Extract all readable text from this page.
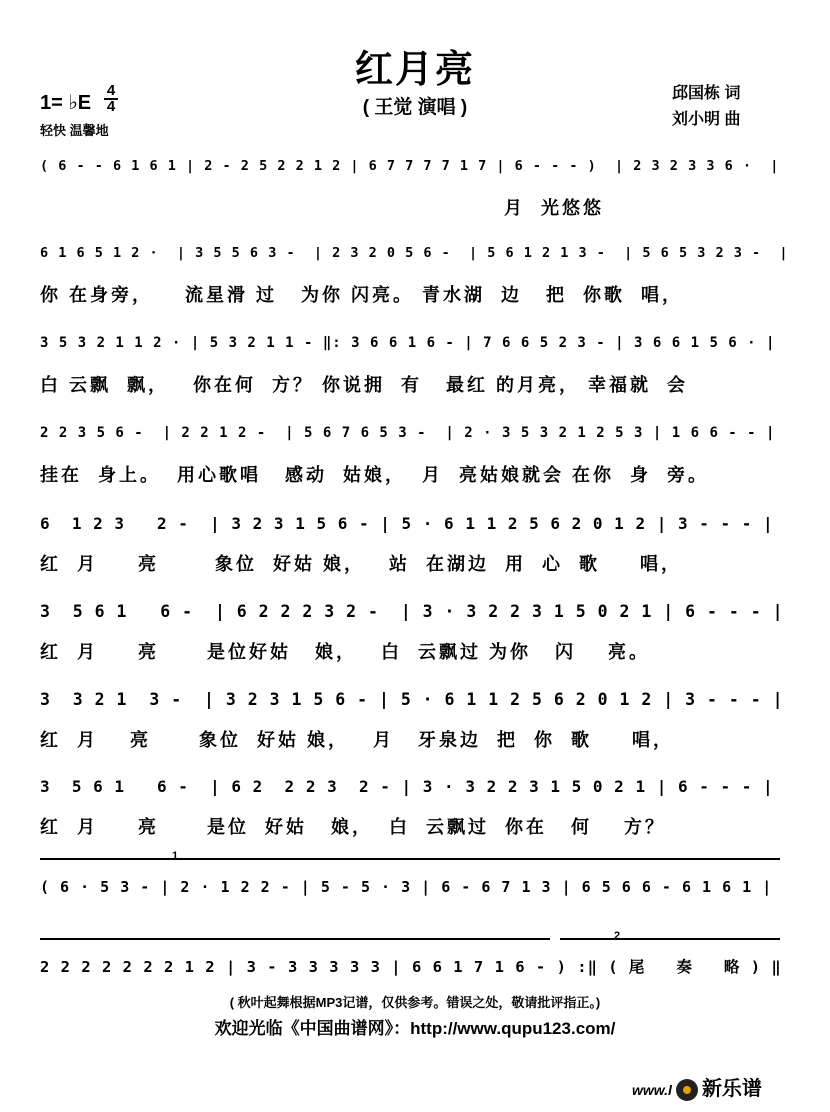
红月亮
( 王觉 演唱 )
邱国栋 词
刘小明 曲
1= ♭E
4
4
轻快 温馨地
( 6 - - 6 1 6 1 | 2 - 2 5 2 2 1 2 | 6 7 7 7 7 1 7 | 6 - - - )  | 2 3 2 3 3 6 ·  |
月  光悠悠
6 1 6 5 1 2 ·  | 3 5 5 6 3 -  | 2 3 2 0 5 6 -  | 5 6 1 2 1 3 -  | 5 6 5 3 2 3 -  |
你 在身旁，    流星滑 过   为你 闪亮。 青水湖  边   把  你歌  唱，
3 5 3 2 1 1 2 · | 5 3 2 1 1 - ‖: 3 6 6 1 6 - | 7 6 6 5 2 3 - | 3 6 6 1 5 6 · |
白 云飘  飘，   你在何  方？ 你说拥  有   最红 的月亮， 幸福就  会
2 2 3 5 6 -  | 2 2 1 2 -  | 5 6 7 6 5 3 -  | 2 · 3 5 3 2 1 2 5 3 | 1 6 6 - - |
挂在  身上。  用心歌唱   感动  姑娘，  月  亮姑娘就会 在你  身  旁。
6  1 2 3   2 -  | 3 2 3 1 5 6 - | 5 · 6 1 1 2 5 6 2 0 1 2 | 3 - - - |
红  月     亮       象位  好姑 娘，   站  在湖边  用  心  歌     唱，
3  5 6 1   6 -  | 6 2 2 2 3 2 -  | 3 · 3 2 2 3 1 5 0 2 1 | 6 - - - |
红  月     亮      是位好姑   娘，   白  云飘过 为你   闪    亮。
3  3 2 1  3 -  | 3 2 3 1 5 6 - | 5 · 6 1 1 2 5 6 2 0 1 2 | 3 - - - |
红  月    亮      象位  好姑 娘，   月   牙泉边  把  你  歌     唱，
3  5 6 1   6 -  | 6 2  2 2 3  2 - | 3 · 3 2 2 3 1 5 0 2 1 | 6 - - - |
红  月     亮      是位  好姑   娘，  白  云飘过  你在   何    方？
1
( 6 · 5 3 - | 2 · 1 2 2 - | 5 - 5 · 3 | 6 - 6 7 1 3 | 6 5 6 6 - 6 1 6 1 |
2
2 2 2 2 2 2 2 1 2 | 3 - 3 3 3 3 3 | 6 6 1 7 1 6 - ) :‖ ( 尾   奏   略 ) ‖
( 秋叶起舞根据MP3记谱，仅供参考。错误之处，敬请批评指正。)
欢迎光临《中国曲谱网》：http://www.qupu123.com/
www.l 新乐谱
